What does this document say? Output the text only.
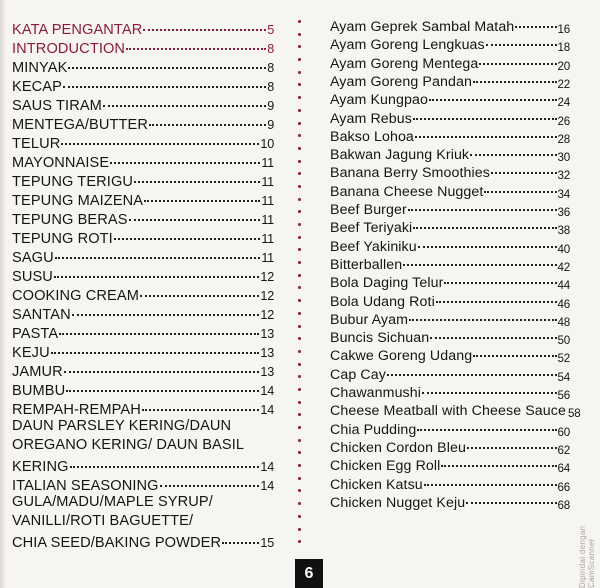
KATA PENGANTAR	5
INTRODUCTION	8
MINYAK	8
KECAP	8
SAUS TIRAM	9
MENTEGA/BUTTER	9
TELUR	10
MAYONNAISE	11
TEPUNG TERIGU	11
TEPUNG MAIZENA	11
TEPUNG BERAS	11
TEPUNG ROTI	11
SAGU	11
SUSU	12
COOKING CREAM	12
SANTAN	12
PASTA	13
KEJU	13
JAMUR	13
BUMBU	14
REMPAH-REMPAH	14
DAUN PARSLEY KERING/DAUN
OREGANO KERING/ DAUN BASIL
KERING	14
ITALIAN SEASONING	14
GULA/MADU/MAPLE SYRUP/
VANILLI/ROTI BAGUETTE/
CHIA SEED/BAKING POWDER	15
Ayam Geprek Sambal Matah	16
Ayam Goreng Lengkuas	18
Ayam Goreng Mentega	20
Ayam Goreng Pandan	22
Ayam Kungpao	24
Ayam Rebus	26
Bakso Lohoa	28
Bakwan Jagung Kriuk	30
Banana Berry Smoothies	32
Banana Cheese Nugget	34
Beef Burger	36
Beef Teriyaki	38
Beef Yakiniku	40
Bitterballen	42
Bola Daging Telur	44
Bola Udang Roti	46
Bubur Ayam	48
Buncis Sichuan	50
Cakwe Goreng Udang	52
Cap Cay	54
Chawanmushi	56
Cheese Meatball with Cheese Sauce 58
Chia Pudding	60
Chicken Cordon Bleu	62
Chicken Egg Roll	64
Chicken Katsu	66
Chicken Nugget Keju	68
6	Dipindai dengan CamScanner
